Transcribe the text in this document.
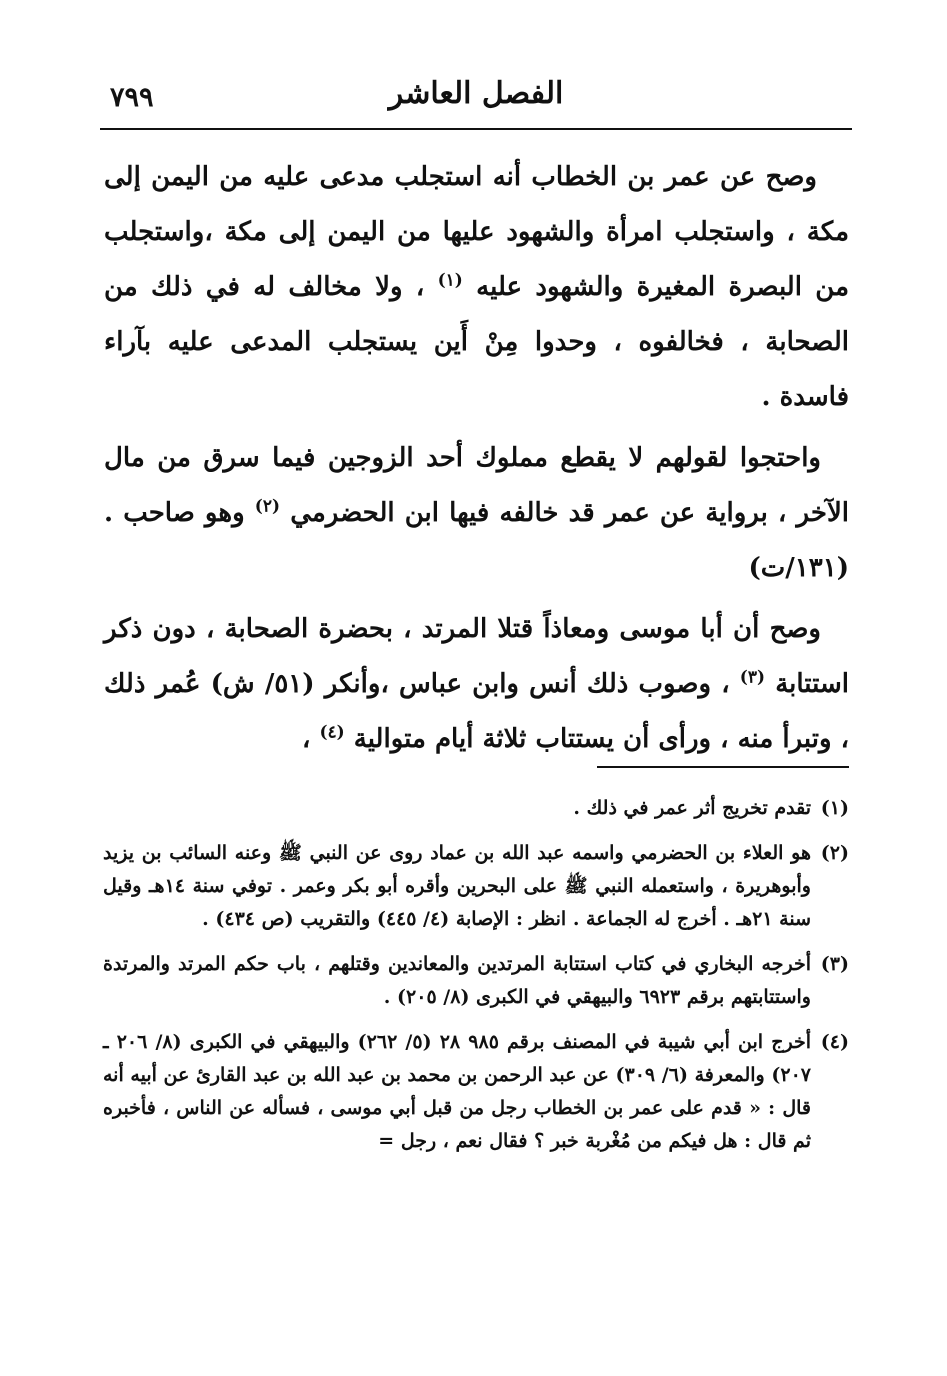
الفصل العاشر
٧٩٩

وصح عن عمر بن الخطاب أنه استجلب مدعى عليه من اليمن إلى مكة ، واستجلب امرأة والشهود عليها من اليمن إلى مكة ،واستجلب من البصرة المغيرة والشهود عليه $^{(١)}$ ، ولا مخالف له في ذلك من الصحابة ، فخالفوه ، وحدوا مِنْ أَين يستجلب المدعى عليه بآراء فاسدة .

واحتجوا لقولهم لا يقطع مملوك أحد الزوجين فيما سرق من مال الآخر ، برواية عن عمر قد خالفه فيها ابن الحضرمي $^{(٢)}$ وهو صاحب . (١٣١/ت)

وصح أن أبا موسى ومعاذاً قتلا المرتد ، بحضرة الصحابة ، دون ذكر استتابة $^{(٣)}$ ، وصوب ذلك أنس وابن عباس ،وأنكر (٥١/ ش) عُمر ذلك ، وتبرأ منه ، ورأى أن يستتاب ثلاثة أيام متوالية $^{(٤)}$ ،

(١)
تقدم تخريج أثر عمر في ذلك .
(٢)
هو العلاء بن الحضرمي واسمه عبد الله بن عماد روى عن النبي ﷺ وعنه السائب بن يزيد وأبوهريرة ، واستعمله النبي ﷺ على البحرين وأقره أبو بكر وعمر . توفي سنة ١٤هـ وقيل سنة ٢١هـ . أخرج له الجماعة . انظر : الإصابة (٤/ ٤٤٥) والتقريب (ص ٤٣٤) .
(٣)
أخرجه البخاري في كتاب استتابة المرتدين والمعاندين وقتلهم ، باب حكم المرتد والمرتدة واستتابتهم برقم ٦٩٢٣ والبيهقي في الكبرى (٨/ ٢٠٥) .
(٤)
أخرج ابن أبي شيبة في المصنف برقم ٩٨٥ ٢٨ (٥/ ٢٦٢) والبيهقي في الكبرى (٨/ ٢٠٦ ـ ٢٠٧) والمعرفة (٦/ ٣٠٩) عن عبد الرحمن بن محمد بن عبد الله بن عبد القارئ عن أبيه أنه قال : « قدم على عمر بن الخطاب رجل من قبل أبي موسى ، فسأله عن الناس ، فأخبره ثم قال : هل فيكم من مُغْربة خبر ؟ فقال نعم ، رجل =
